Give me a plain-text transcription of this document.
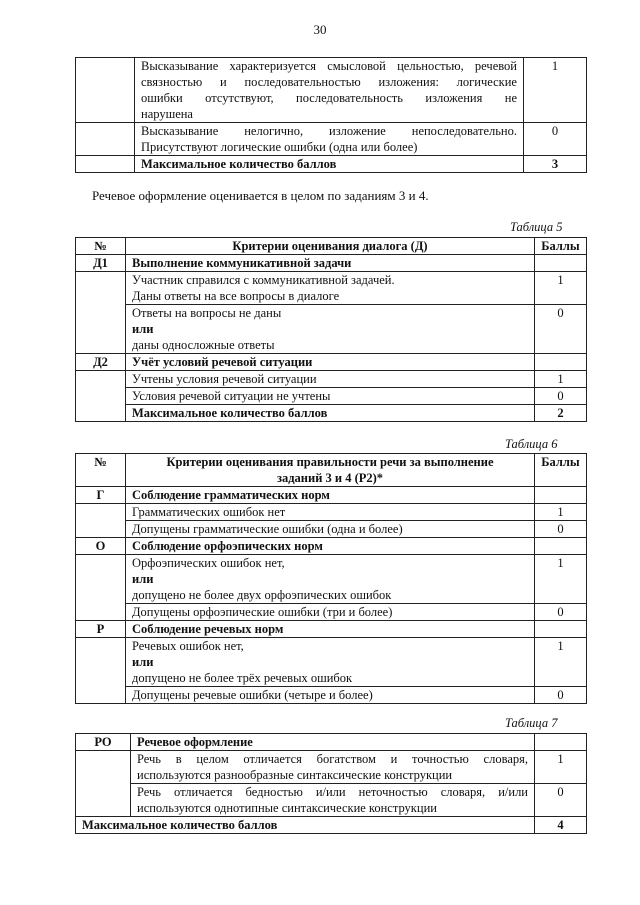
30

	Высказывание характеризуется смысловой цельностью, речевой
связностью и последовательностью изложения: логические
ошибки отсутствуют, последовательность изложения не
нарушена	1

	Высказывание нелогично, изложение непоследовательно.
Присутствуют логические ошибки (одна или более)	0
	Максимальное количество баллов	3
Речевое оформление оценивается в целом по заданиям 3 и 4.
Таблица 5
№	Критерии оценивания диалога (Д)	Баллы
Д1	Выполнение коммуникативной задачи	

	Участник справился с коммуникативной задачей.
Даны ответы на все вопросы в диалоге	1

	Ответы на вопросы не даны
или
даны односложные ответы	0
Д2	Учёт условий речевой ситуации	
	Учтены условия речевой ситуации	1
	Условия речевой ситуации не учтены	0
	Максимальное количество баллов	2
Таблица 6
№	Критерии оценивания правильности речи за выполнение
заданий 3 и 4 (Р2)*	Баллы
Г	Соблюдение грамматических норм	
	Грамматических ошибок нет	1
	Допущены грамматические ошибки (одна и более)	0
О	Соблюдение орфоэпических норм	

	Орфоэпических ошибок нет,
или
допущено не более двух орфоэпических ошибок	1
	Допущены орфоэпические ошибки (три и более)	0
Р	Соблюдение речевых норм	

	Речевых ошибок нет,
или
допущено не более трёх речевых ошибок	1
	Допущены речевые ошибки (четыре и более)	0
Таблица 7
РО	Речевое оформление	

	Речь в целом отличается богатством и точностью словаря,
используются разнообразные синтаксические конструкции	1

	Речь отличается бедностью и/или неточностью словаря, и/или
используются однотипные синтаксические конструкции	0
Максимальное количество баллов		4
